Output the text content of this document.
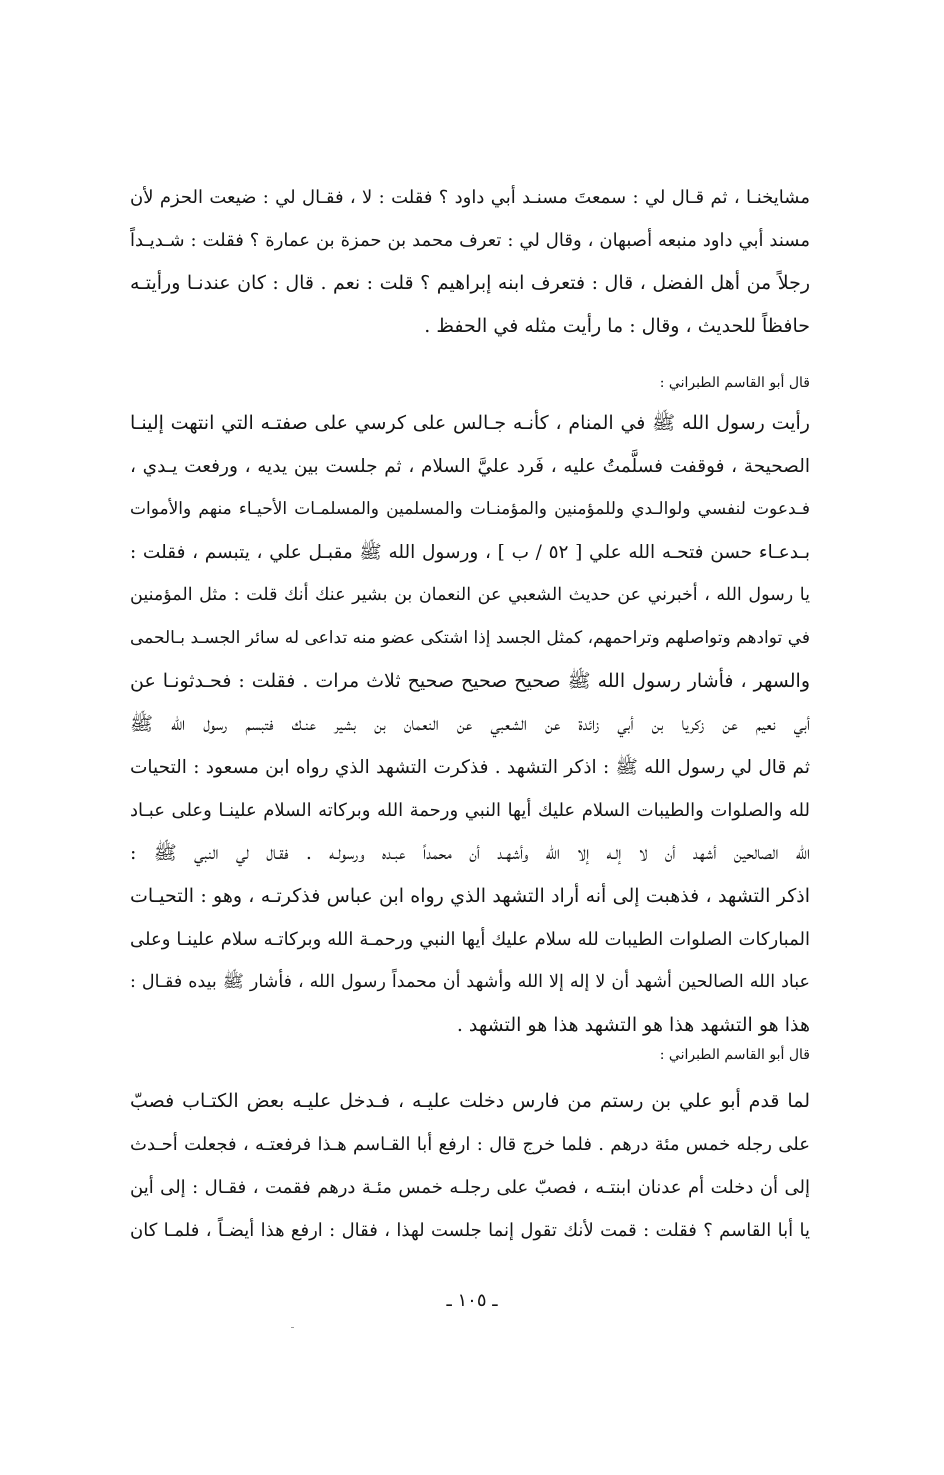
مشايخنـا ، ثم قـال لي : سمعتَ مسنـد أبي داود ؟ فقلت : لا ، فقـال لي : ضيعت الحزم لأن
مسند أبي داود منبعه أصبهان ، وقال لي : تعرف محمد بن حمزة بن عمارة ؟ فقلت : شـديـداً
رجلاً من أهل الفضل ، قال : فتعرف ابنه إبراهيم ؟ قلت : نعم . قال : كان عندنـا ورأيتـه
حافظاً للحديث ، وقال : ما رأيت مثله في الحفظ .
قال أبو القاسم الطبراني :
رأيت رسول الله ﷺ في المنام ، كأنـه جـالس على كرسي على صفتـه التي انتهت إلينـا
الصحيحة ، فوقفت فسلَّمتُ عليه ، فَرد عليَّ السلام ، ثم جلست بين يديه ، ورفعت يـدي ،
فـدعوت لنفسي ولوالـدي وللمؤمنين والمؤمنـات والمسلمين والمسلمـات الأحيـاء منهم والأموات
بـدعـاء حسن فتحـه الله علي [ ٥٢ / ب ] ، ورسول الله ﷺ مقبـل علي ، يتبسم ، فقلت :
يا رسول الله ، أخبرني عن حديث الشعبي عن النعمان بن بشير عنك أنك قلت : مثل المؤمنين
في توادهم وتواصلهم وتراحمهم، كمثل الجسد إذا اشتكى عضو منه تداعى له سائر الجسـد بـالحمى
والسهر ، فأشار رسول الله ﷺ صحيح صحيح صحيح ثلاث مرات . فقلت : فحـدثونـا عن
أبي نعيم عن زكريا بن أبي زائدة عن الشعبي عن النعمان بن بشير عنـك فتبسم رسول الله ﷺ
ثم قال لي رسول الله ﷺ : اذكر التشهد . فذكرت التشهد الذي رواه ابن مسعود : التحيات
لله والصلوات والطيبات السلام عليك أيها النبي ورحمة الله وبركاته السلام علينـا وعلى عبـاد
الله الصالحين أشهد أن لا إلـه إلا الله وأشهـد أن محمداً عبـده ورسولـه . فقـال لي النبي ﷺ :
اذكر التشهد ، فذهبت إلى أنه أراد التشهد الذي رواه ابن عباس فذكرتـه ، وهو : التحيـات
المباركات الصلوات الطيبات لله سلام عليك أيها النبي ورحمـة الله وبركاتـه سلام علينـا وعلى
عباد الله الصالحين أشهد أن لا إله إلا الله وأشهد أن محمداً رسول الله ، فأشار ﷺ بيده فقـال :
هذا هو التشهد هذا هو التشهد هذا هو التشهد .
قال أبو القاسم الطبراني :
لما قدم أبو علي بن رستم من فارس دخلت عليـه ، فـدخل عليـه بعض الكتـاب فصبّ
على رجله خمس مئة درهم . فلما خرج قال : ارفع أبا القـاسم هـذا فرفعتـه ، فجعلت أحـدث
إلى أن دخلت أم عدنان ابنتـه ، فصبّ على رجلـه خمس مئـة درهم فقمت ، فقـال : إلى أين
يا أبا القاسم ؟ فقلت : قمت لأنك تقول إنما جلست لهذا ، فقال : ارفع هذا أيضـاً ، فلمـا كان
ـ ١٠٥ ـ
